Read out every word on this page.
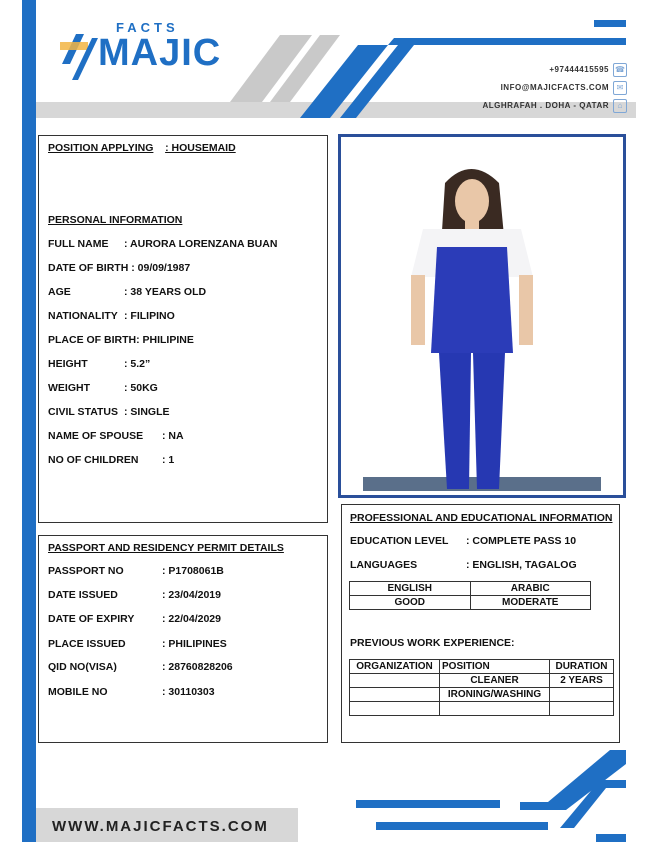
FACTS
MAJIC	+97444415595 ☎
INFO@MAJICFACTS.COM ✉
ALGHRAFAH . DOHA - QATAR	⌂
POSITION APPLYING : HOUSEMAID
PERSONAL INFORMATION
FULL NAME : AURORA LORENZANA BUAN
DATE OF BIRTH : 09/09/1987
AGE	: 38 YEARS OLD
NATIONALITY : FILIPINO
PLACE OF BIRTH: PHILIPINE
HEIGHT	: 5.2”
WEIGHT	: 50KG
CIVIL STATUS : SINGLE
NAME OF SPOUSE : NA
NO OF CHILDREN : 1
PASSPORT AND RESIDENCY PERMIT DETAILS
PASSPORT NO	: P1708061B
DATE ISSUED	: 23/04/2019
DATE OF EXPIRY	: 22/04/2029
PLACE ISSUED	: PHILIPINES
QID NO(VISA)	: 28760828206
MOBILE NO	: 30110303
PROFESSIONAL AND EDUCATIONAL INFORMATION
EDUCATION LEVEL : COMPLETE PASS 10
LANGUAGES	: ENGLISH, TAGALOG
ENGLISH	ARABIC
GOOD	MODERATE
PREVIOUS WORK EXPERIENCE:
ORGANIZATION	POSITION	DURATION
	CLEANER	2 YEARS
	IRONING/WASHING	

WWW.MAJICFACTS.COM
